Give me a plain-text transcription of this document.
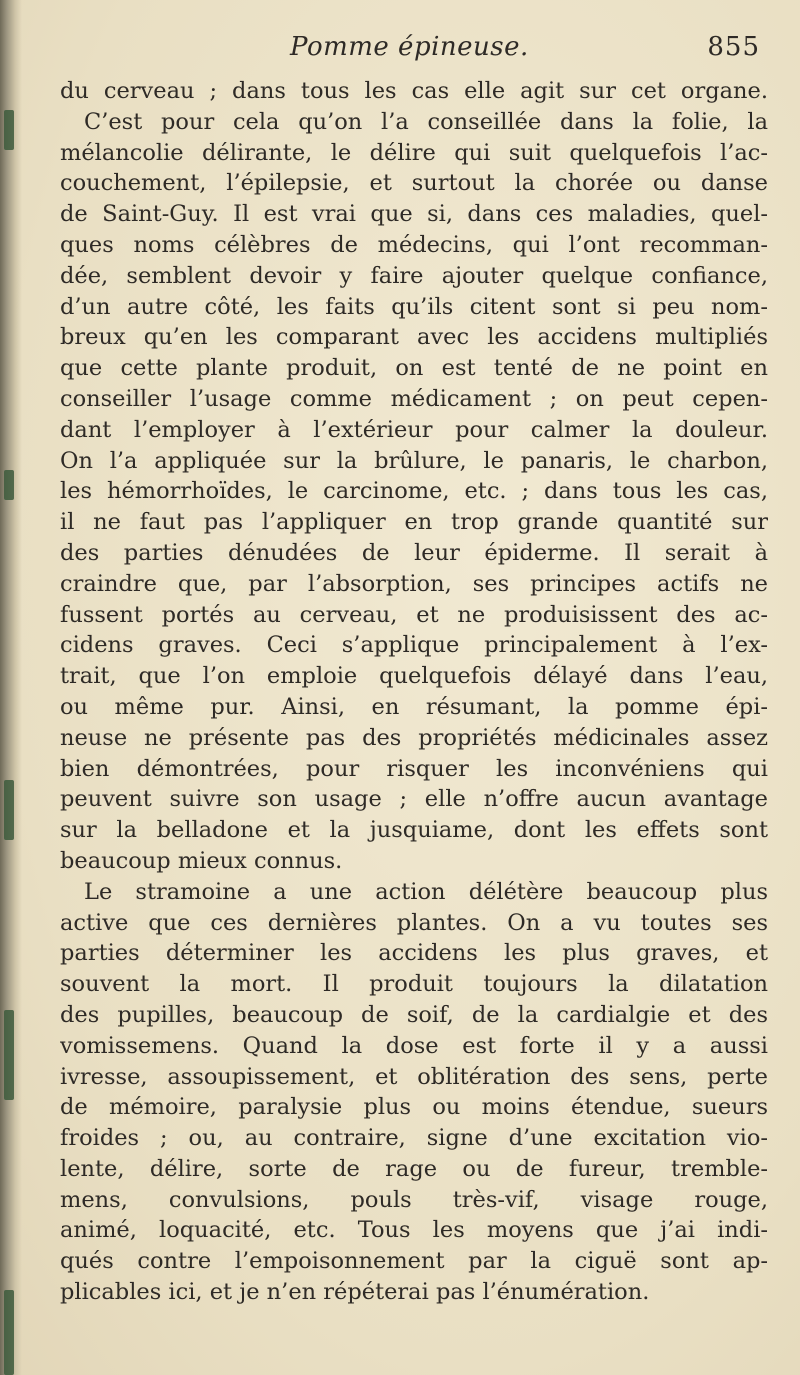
Pomme épineuse.	855
du cerveau ; dans tous les cas elle agit sur cet organe.
C’est pour cela qu’on l’a conseillée dans la folie, la
mélancolie délirante, le délire qui suit quelquefois l’ac-
couchement, l’épilepsie, et surtout la chorée ou danse
de Saint-Guy. Il est vrai que si, dans ces maladies, quel-
ques noms célèbres de médecins, qui l’ont recomman-
dée, semblent devoir y faire ajouter quelque confiance,
d’un autre côté, les faits qu’ils citent sont si peu nom-
breux qu’en les comparant avec les accidens multipliés
que cette plante produit, on est tenté de ne point en
conseiller l’usage comme médicament ; on peut cepen-
dant l’employer à l’extérieur pour calmer la douleur.
On l’a appliquée sur la brûlure, le panaris, le charbon,
les hémorrhoïdes, le carcinome, etc. ; dans tous les cas,
il ne faut pas l’appliquer en trop grande quantité sur
des parties dénudées de leur épiderme. Il serait à
craindre que, par l’absorption, ses principes actifs ne
fussent portés au cerveau, et ne produisissent des ac-
cidens graves. Ceci s’applique principalement à l’ex-
trait, que l’on emploie quelquefois délayé dans l’eau,
ou même pur. Ainsi, en résumant, la pomme épi-
neuse ne présente pas des propriétés médicinales assez
bien démontrées, pour risquer les inconvéniens qui
peuvent suivre son usage ; elle n’offre aucun avantage
sur la belladone et la jusquiame, dont les effets sont
beaucoup mieux connus.
Le stramoine a une action délétère beaucoup plus
active que ces dernières plantes. On a vu toutes ses
parties déterminer les accidens les plus graves, et
souvent la mort. Il produit toujours la dilatation
des pupilles, beaucoup de soif, de la cardialgie et des
vomissemens. Quand la dose est forte il y a aussi
ivresse, assoupissement, et oblitération des sens, perte
de mémoire, paralysie plus ou moins étendue, sueurs
froides ; ou, au contraire, signe d’une excitation vio-
lente, délire, sorte de rage ou de fureur, tremble-
mens, convulsions, pouls très-vif, visage rouge,
animé, loquacité, etc. Tous les moyens que j’ai indi-
qués contre l’empoisonnement par la ciguë sont ap-
plicables ici, et je n’en répéterai pas l’énumération.
